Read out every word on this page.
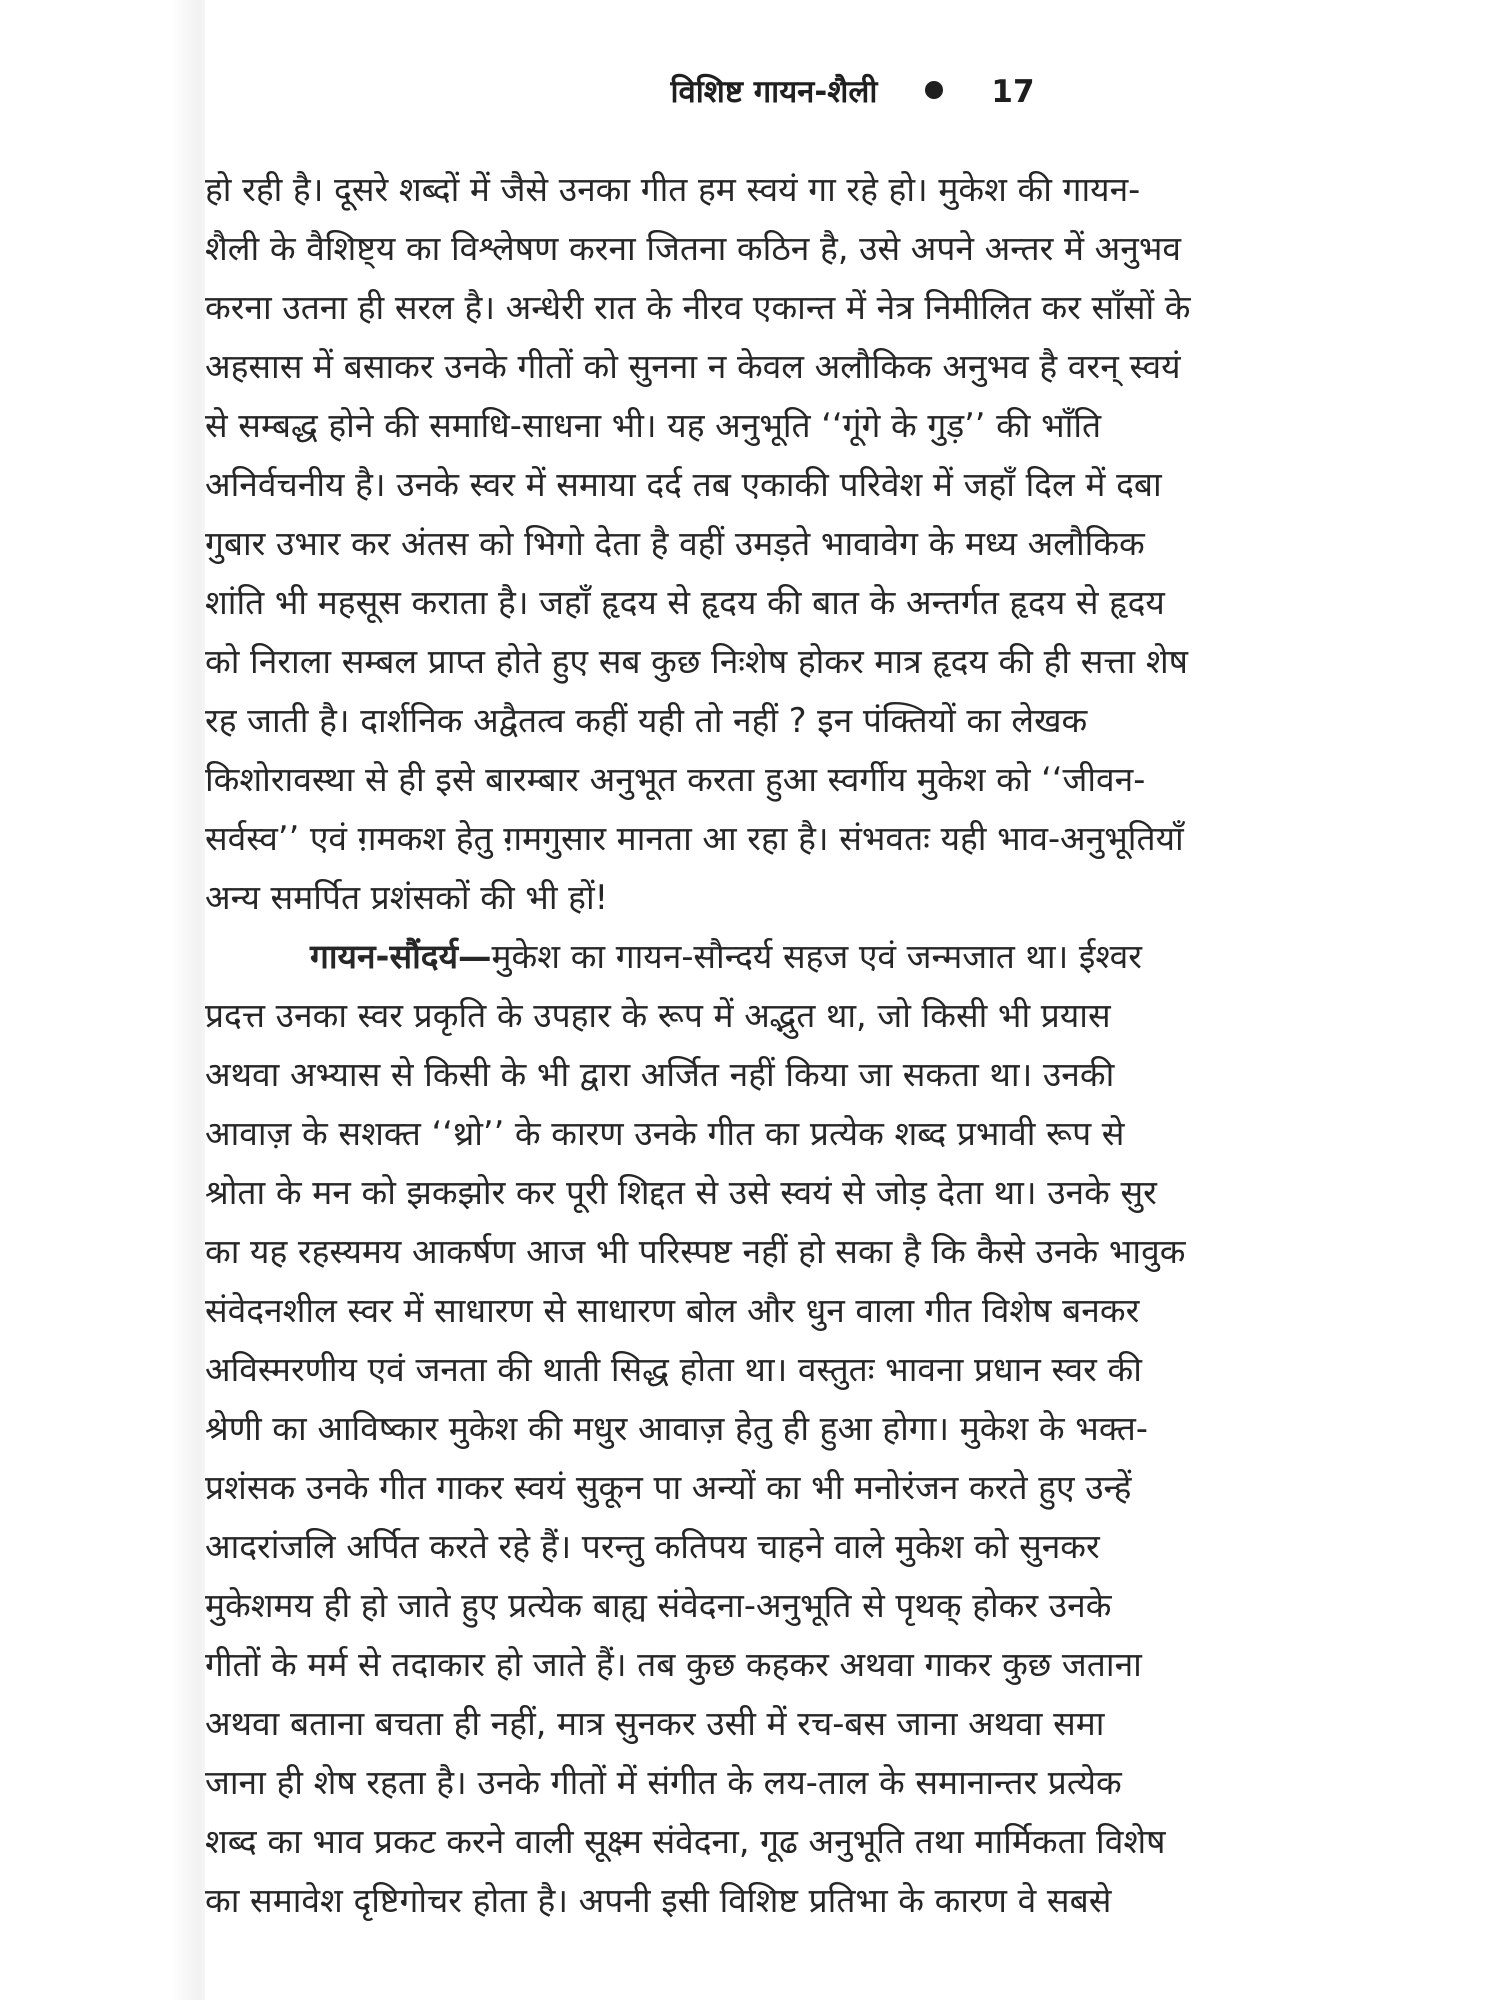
विशिष्ट गायन-शैली	17
हो रही है। दूसरे शब्दों में जैसे उनका गीत हम स्वयं गा रहे हो। मुकेश की गायन-
शैली के वैशिष्ट्य का विश्लेषण करना जितना कठिन है, उसे अपने अन्तर में अनुभव
करना उतना ही सरल है। अन्धेरी रात के नीरव एकान्त में नेत्र निमीलित कर साँसों के
अहसास में बसाकर उनके गीतों को सुनना न केवल अलौकिक अनुभव है वरन् स्वयं
से सम्बद्ध होने की समाधि-साधना भी। यह अनुभूति ‘‘गूंगे के गुड़’’ की भाँति
अनिर्वचनीय है। उनके स्वर में समाया दर्द तब एकाकी परिवेश में जहाँ दिल में दबा
गुबार उभार कर अंतस को भिगो देता है वहीं उमड़ते भावावेग के मध्य अलौकिक
शांति भी महसूस कराता है। जहाँ हृदय से हृदय की बात के अन्तर्गत हृदय से हृदय
को निराला सम्बल प्राप्त होते हुए सब कुछ निःशेष होकर मात्र हृदय की ही सत्ता शेष
रह जाती है। दार्शनिक अद्वैतत्व कहीं यही तो नहीं ? इन पंक्तियों का लेखक
किशोरावस्था से ही इसे बारम्बार अनुभूत करता हुआ स्वर्गीय मुकेश को ‘‘जीवन-
सर्वस्व’’ एवं ग़मकश हेतु ग़मगुसार मानता आ रहा है। संभवतः यही भाव-अनुभूतियाँ
अन्य समर्पित प्रशंसकों की भी हों!
गायन-सौंदर्य—मुकेश का गायन-सौन्दर्य सहज एवं जन्मजात था। ईश्वर
प्रदत्त उनका स्वर प्रकृति के उपहार के रूप में अद्भुत था, जो किसी भी प्रयास
अथवा अभ्यास से किसी के भी द्वारा अर्जित नहीं किया जा सकता था। उनकी
आवाज़ के सशक्त ‘‘थ्रो’’ के कारण उनके गीत का प्रत्येक शब्द प्रभावी रूप से
श्रोता के मन को झकझोर कर पूरी शिद्दत से उसे स्वयं से जोड़ देता था। उनके सुर
का यह रहस्यमय आकर्षण आज भी परिस्पष्ट नहीं हो सका है कि कैसे उनके भावुक
संवेदनशील स्वर में साधारण से साधारण बोल और धुन वाला गीत विशेष बनकर
अविस्मरणीय एवं जनता की थाती सिद्ध होता था। वस्तुतः भावना प्रधान स्वर की
श्रेणी का आविष्कार मुकेश की मधुर आवाज़ हेतु ही हुआ होगा। मुकेश के भक्त-
प्रशंसक उनके गीत गाकर स्वयं सुकून पा अन्यों का भी मनोरंजन करते हुए उन्हें
आदरांजलि अर्पित करते रहे हैं। परन्तु कतिपय चाहने वाले मुकेश को सुनकर
मुकेशमय ही हो जाते हुए प्रत्येक बाह्य संवेदना-अनुभूति से पृथक् होकर उनके
गीतों के मर्म से तदाकार हो जाते हैं। तब कुछ कहकर अथवा गाकर कुछ जताना
अथवा बताना बचता ही नहीं, मात्र सुनकर उसी में रच-बस जाना अथवा समा
जाना ही शेष रहता है। उनके गीतों में संगीत के लय-ताल के समानान्तर प्रत्येक
शब्द का भाव प्रकट करने वाली सूक्ष्म संवेदना, गूढ अनुभूति तथा मार्मिकता विशेष
का समावेश दृष्टिगोचर होता है। अपनी इसी विशिष्ट प्रतिभा के कारण वे सबसे
